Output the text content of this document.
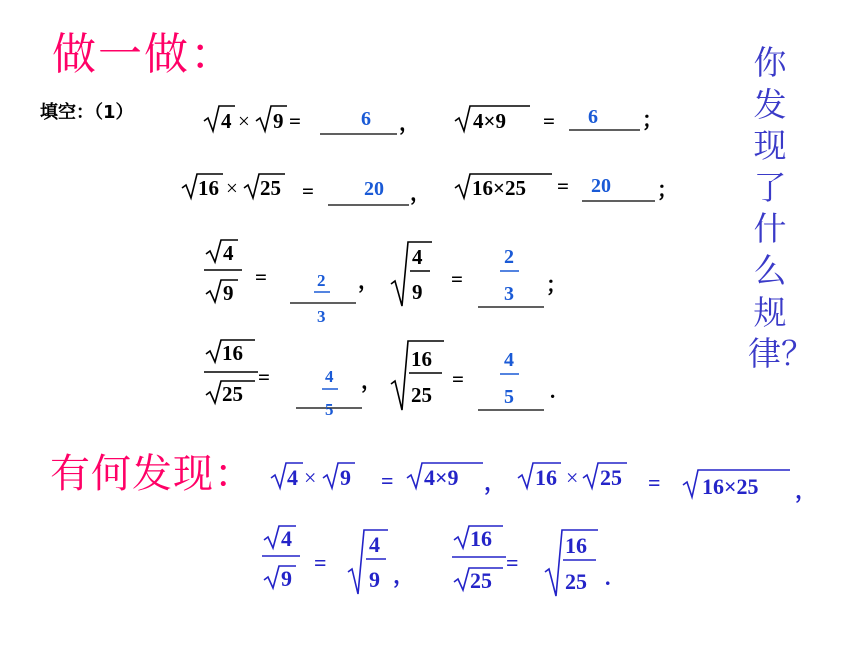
做一做：
填空：（1）
你
发
现
了
什
么
规
律？
有何发现：
4 × 9 =	6 ，	4×9 = 6 ；
16 × 25 =	20 ， 16×25 = 20 ；
4
9
=	2
3
，
4
9
=
2
3 ；
16
25
=	4
5
，
16
25
=
4
5 .
4 × 9 = 4×9 ， 16 × 25 = 16×25 ，
4
9
=
4
9 ，
16
25
=
16
25 .
